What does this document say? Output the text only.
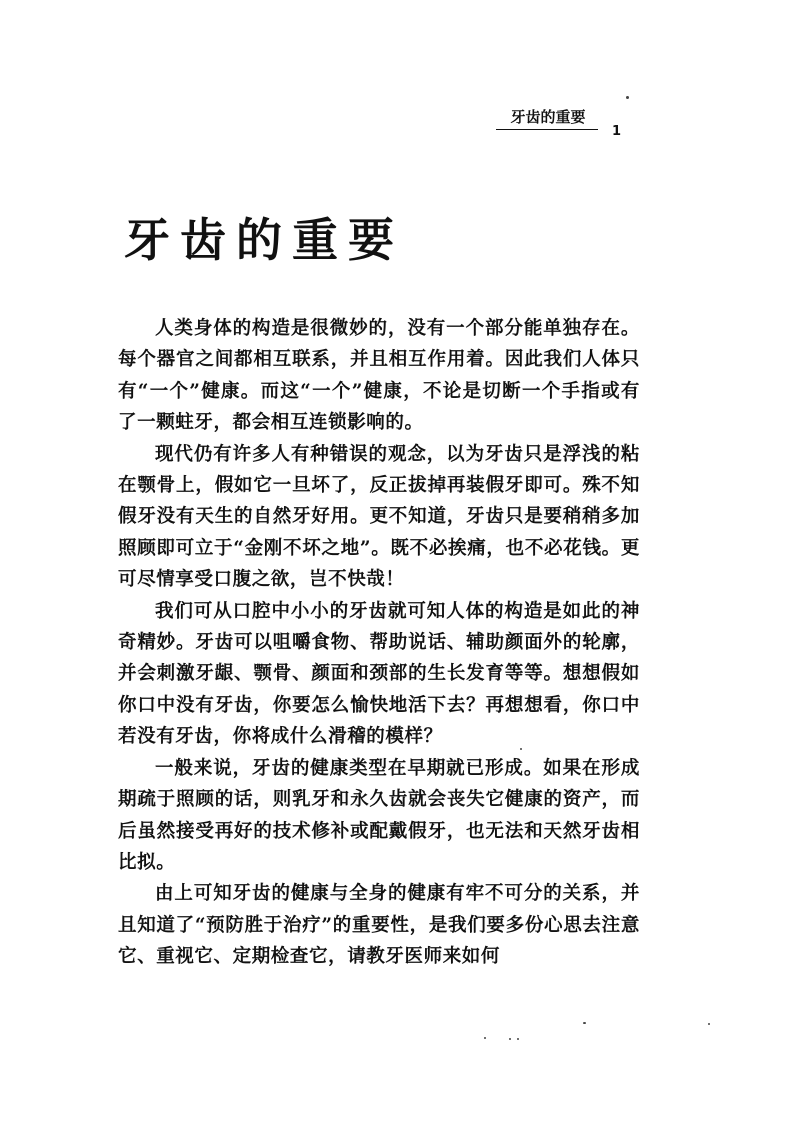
牙齿的重要
1
牙齿的重要

人类身体的构造是很微妙的，没有一个部分能单独存在。每个器官之间都相互联系，并且相互作用着。因此我们人体只有“一个”健康。而这“一个”健康，不论是切断一个手指或有了一颗蛀牙，都会相互连锁影响的。

现代仍有许多人有种错误的观念，以为牙齿只是浮浅的粘在颚骨上，假如它一旦坏了，反正拔掉再装假牙即可。殊不知假牙没有天生的自然牙好用。更不知道，牙齿只是要稍稍多加照顾即可立于“金刚不坏之地”。既不必挨痛，也不必花钱。更可尽情享受口腹之欲，岂不快哉！

我们可从口腔中小小的牙齿就可知人体的构造是如此的神奇精妙。牙齿可以咀嚼食物、帮助说话、辅助颜面外的轮廓，并会刺激牙龈、颚骨、颜面和颈部的生长发育等等。想想假如你口中没有牙齿，你要怎么愉快地活下去？再想想看，你口中若没有牙齿，你将成什么滑稽的模样？

一般来说，牙齿的健康类型在早期就已形成。如果在形成期疏于照顾的话，则乳牙和永久齿就会丧失它健康的资产，而后虽然接受再好的技术修补或配戴假牙，也无法和天然牙齿相比拟。

由上可知牙齿的健康与全身的健康有牢不可分的关系，并且知道了“预防胜于治疗”的重要性，是我们要多份心思去注意它、重视它、定期检查它，请教牙医师来如何
